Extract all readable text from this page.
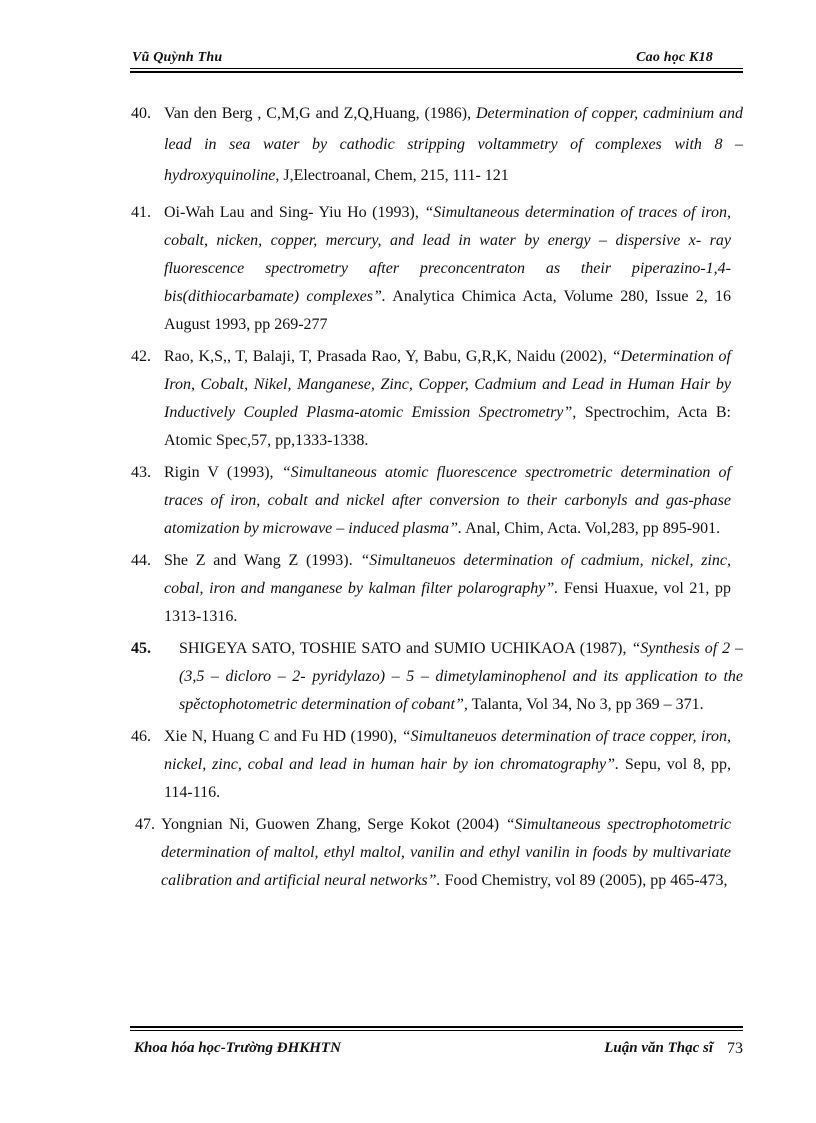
Vũ Quỳnh Thu	Cao học K18
40. Van den Berg , C,M,G and Z,Q,Huang, (1986), Determination of copper, cadminium and lead in sea water by cathodic stripping voltammetry of complexes with 8 – hydroxyquinoline, J,Electroanal, Chem, 215, 111- 121
41. Oi-Wah Lau and Sing- Yiu Ho (1993), “Simultaneous determination of traces of iron, cobalt, nicken, copper, mercury, and lead in water by energy – dispersive x- ray fluorescence spectrometry after preconcentraton as their piperazino-1,4-bis(dithiocarbamate) complexes”. Analytica Chimica Acta, Volume 280, Issue 2, 16 August 1993, pp 269-277
42. Rao, K,S,, T, Balaji, T, Prasada Rao, Y, Babu, G,R,K, Naidu (2002), “Determination of Iron, Cobalt, Nikel, Manganese, Zinc, Copper, Cadmium and Lead in Human Hair by Inductively Coupled Plasma-atomic Emission Spectrometry”, Spectrochim, Acta B: Atomic Spec,57, pp,1333-1338.
43. Rigin V (1993), “Simultaneous atomic fluorescence spectrometric determination of traces of iron, cobalt and nickel after conversion to their carbonyls and gas-phase atomization by microwave – induced plasma”. Anal, Chim, Acta. Vol,283, pp 895-901.
44. She Z and Wang Z (1993). “Simultaneuos determination of cadmium, nickel, zinc, cobal, iron and manganese by kalman filter polarography”. Fensi Huaxue, vol 21, pp 1313-1316.
45. SHIGEYA SATO, TOSHIE SATO and SUMIO UCHIKAOA (1987), “Synthesis of 2 – (3,5 – dicloro – 2- pyridylazo) – 5 – dimetylaminophenol and its application to the spěctophotometric determination of cobant”, Talanta, Vol 34, No 3, pp 369 – 371.
46. Xie N, Huang C and Fu HD (1990), “Simultaneuos determination of trace copper, iron, nickel, zinc, cobal and lead in human hair by ion chromatography”. Sepu, vol 8, pp, 114-116.
47. Yongnian Ni, Guowen Zhang, Serge Kokot (2004) “Simultaneous spectrophotometric determination of maltol, ethyl maltol, vanilin and ethyl vanilin in foods by multivariate calibration and artificial neural networks”. Food Chemistry, vol 89 (2005), pp 465-473,
Khoa hóa học-Trường ĐHKHTN	Luận văn Thạc sĩ 73
